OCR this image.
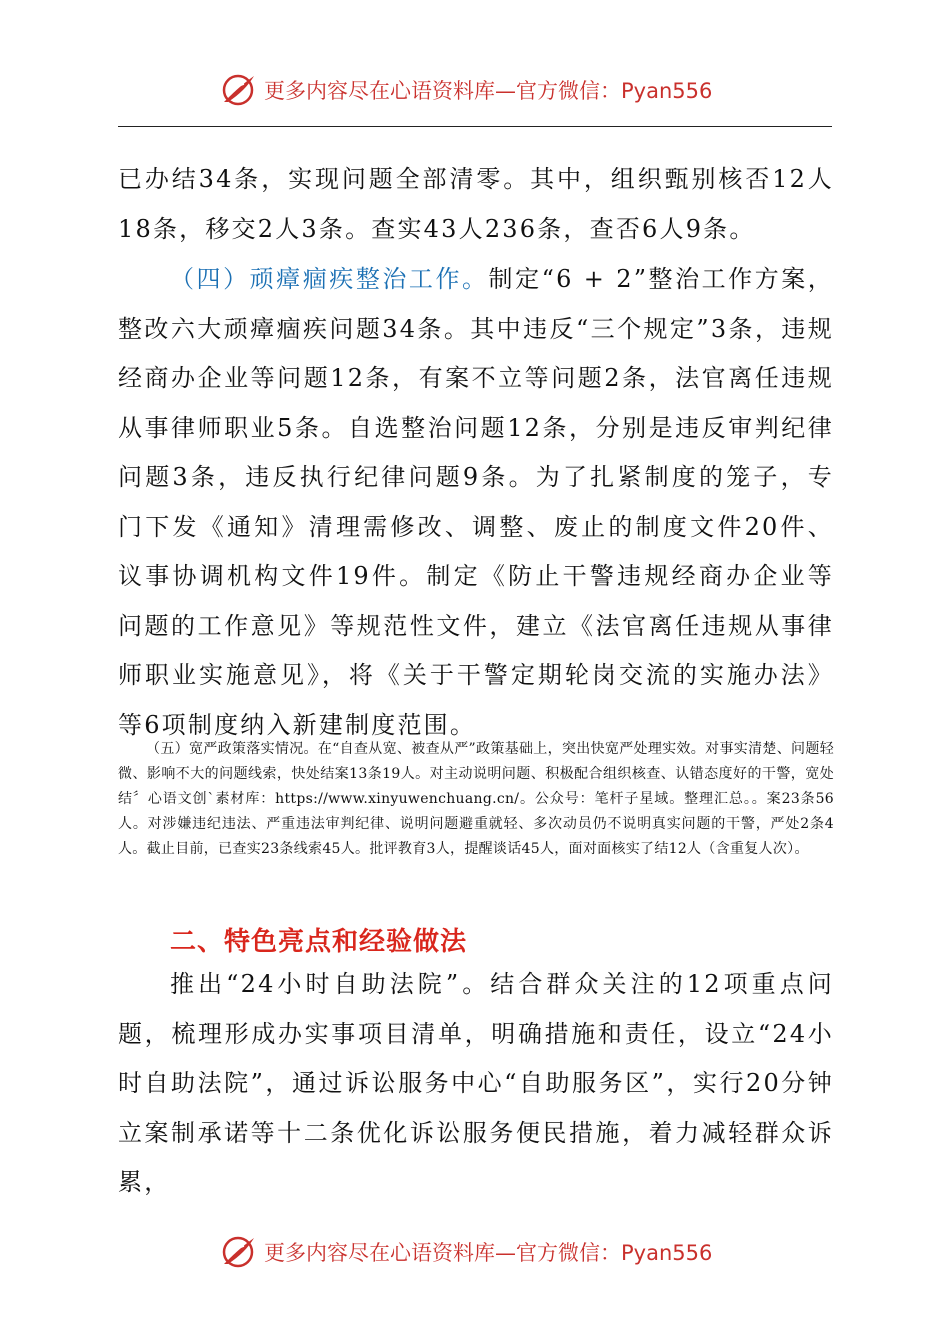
更多内容尽在心语资料库—官方微信：Pyan556

已办结34条，实现问题全部清零。其中，组织甄别核否12人18条，移交2人3条。查实43人236条，查否6人9条。

（四）顽瘴痼疾整治工作。制定“6 + 2”整治工作方案，整改六大顽瘴痼疾问题34条。其中违反“三个规定”3条，违规经商办企业等问题12条，有案不立等问题2条，法官离任违规从事律师职业5条。自选整治问题12条，分别是违反审判纪律问题3条，违反执行纪律问题9条。为了扎紧制度的笼子，专门下发《通知》清理需修改、调整、废止的制度文件20件、议事协调机构文件19件。制定《防止干警违规经商办企业等问题的工作意见》等规范性文件，建立《法官离任违规从事律师职业实施意见》，将《关于干警定期轮岗交流的实施办法》等6项制度纳入新建制度范围。

（五）宽严政策落实情况。在“自查从宽、被查从严”政策基础上，突出快宽严处理实效。对事实清楚、问题轻微、影响不大的问题线索，快处结案13条19人。对主动说明问题、积极配合组织核查、认错态度好的干警，宽处结〞心语文创`素材库：https://www.xinyuwenchuang.cn/。公众号：笔杆子星域。整理汇总。。案23条56人。对涉嫌违纪违法、严重违法审判纪律、说明问题避重就轻、多次动员仍不说明真实问题的干警，严处2条4人。截止目前，已查实23条线索45人。批评教育3人，提醒谈话45人，面对面核实了结12人（含重复人次）。

二、特色亮点和经验做法

推出“24小时自助法院”。结合群众关注的12项重点问题，梳理形成办实事项目清单，明确措施和责任，设立“24小时自助法院”，通过诉讼服务中心“自助服务区”，实行20分钟立案制承诺等十二条优化诉讼服务便民措施，着力减轻群众诉累，

更多内容尽在心语资料库—官方微信：Pyan556
